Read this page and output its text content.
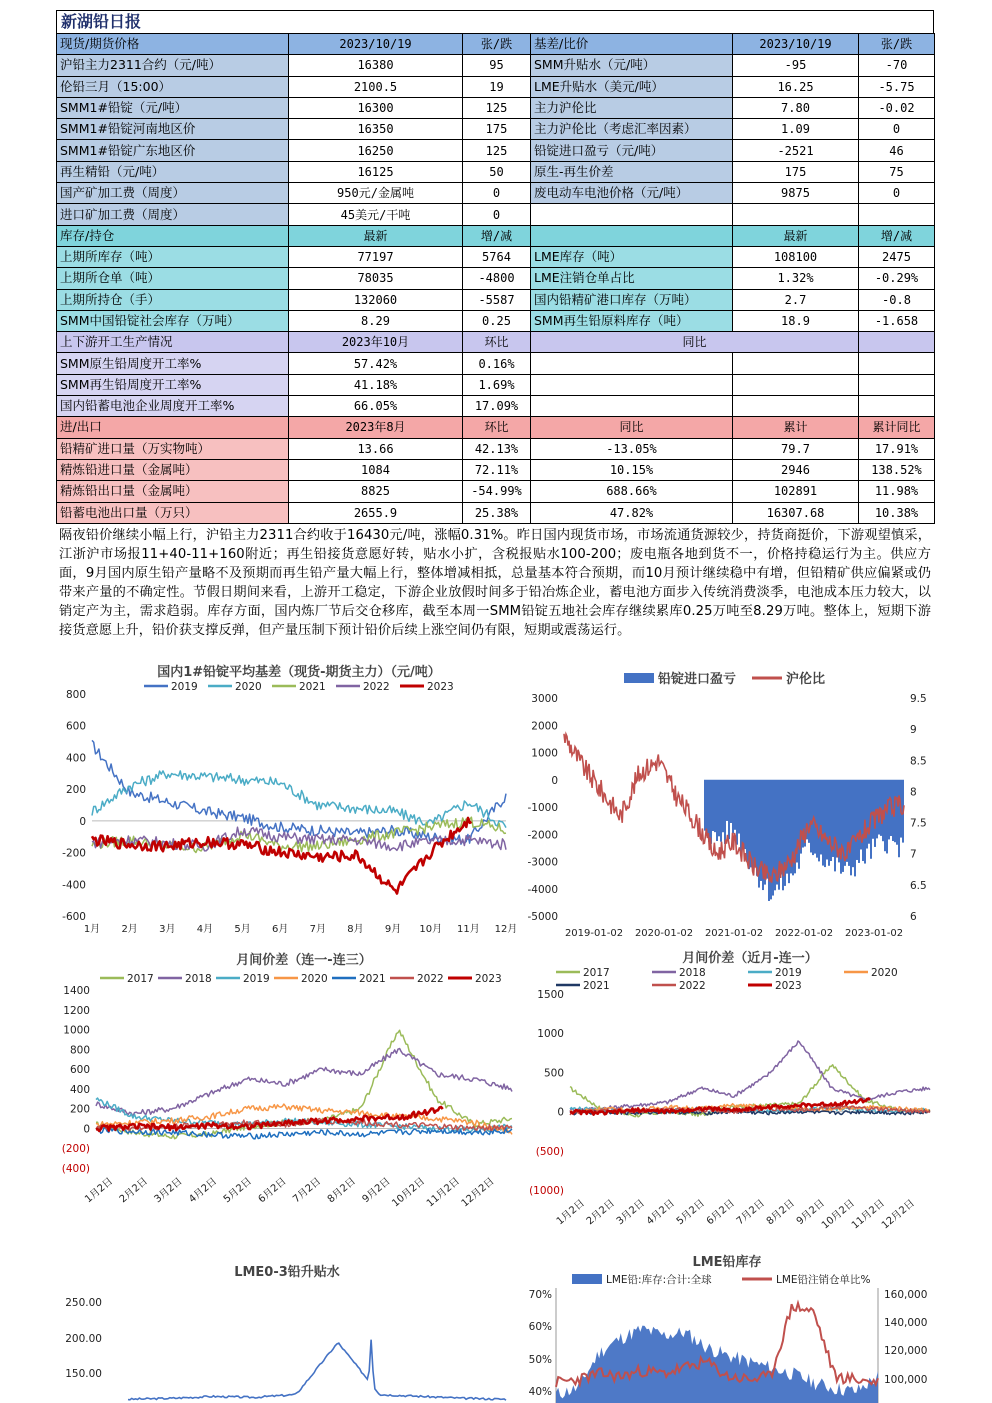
新湖铅日报
现货/期货价格	2023/10/19	张/跌	基差/比价	2023/10/19	张/跌
沪铅主力2311合约（元/吨）	16380	95	SMM升贴水（元/吨）	-95	-70
伦铅三月（15:00）	2100.5	19	LME升贴水（美元/吨）	16.25	-5.75
SMM1#铅锭（元/吨）	16300	125	主力沪伦比	7.80	-0.02
SMM1#铅锭河南地区价	16350	175	主力沪伦比（考虑汇率因素）	1.09	0
SMM1#铅锭广东地区价	16250	125	铅锭进口盈亏（元/吨）	-2521	46
再生精铅（元/吨）	16125	50	原生-再生价差	175	75
国产矿加工费（周度）	950元/金属吨	0	废电动车电池价格（元/吨）	9875	0
进口矿加工费（周度）	45美元/干吨	0			
库存/持仓	最新	增/减		最新	增/减
上期所库存（吨）	77197	5764	LME库存（吨）	108100	2475
上期所仓单（吨）	78035	-4800	LME注销仓单占比	1.32%	-0.29%
上期所持仓（手）	132060	-5587	国内铅精矿港口库存（万吨）	2.7	-0.8
SMM中国铅锭社会库存（万吨）	8.29	0.25	SMM再生铅原料库存（吨）	18.9	-1.658
上下游开工生产情况	2023年10月	环比	同比		
SMM原生铅周度开工率%	57.42%	0.16%			
SMM再生铅周度开工率%	41.18%	1.69%			
国内铅蓄电池企业周度开工率%	66.05%	17.09%			
进/出口	2023年8月	环比	同比	累计	累计同比
铅精矿进口量（万实物吨）	13.66	42.13%	-13.05%	79.7	17.91%
精炼铅进口量（金属吨）	1084	72.11%	10.15%	2946	138.52%
精炼铅出口量（金属吨）	8825	-54.99%	688.66%	102891	11.98%
铅蓄电池出口量（万只）	2655.9	25.38%	47.82%	16307.68	10.38%
隔夜铅价继续小幅上行，沪铅主力2311合约收于16430元/吨，涨幅0.31%。昨日国内现货市场，市场流通货源较少，持货商挺价，下游观望慎采，江浙沪市场报11+40-11+160附近；再生铅接货意愿好转，贴水小扩，含税报贴水100-200；废电瓶各地到货不一，价格持稳运行为主。供应方面，9月国内原生铅产量略不及预期而再生铅产量大幅上行，整体增减相抵，总量基本符合预期，而10月预计继续稳中有增，但铅精矿供应偏紧或仍带来产量的不确定性。节假日期间来看，上游开工稳定，下游企业放假时间多于铅冶炼企业，蓄电池方面步入传统消费淡季，电池成本压力较大，以销定产为主，需求趋弱。库存方面，国内炼厂节后交仓移库，截至本周一SMM铅锭五地社会库存继续累库0.25万吨至8.29万吨。整体上，短期下游接货意愿上升，铅价获支撑反弹，但产量压制下预计铅价后续上涨空间仍有限，短期或震荡运行。
国内1#铅锭平均基差（现货-期货主力）（元/吨）
800
600
400
200
0
-200
-400
-600
1月 2月 3月 4月 5月 6月 7月 8月 9月 10月 11月 12月
2019	2020	2021	2022	2023	铅锭进口盈亏	沪伦比
3000
2000
1000
0
-1000
-2000
-3000
-4000
-5000
9.5
9
8.5
8
7.5
7
6.5
6
2019-01-02 2020-01-02 2021-01-02 2022-01-02 2023-01-02
月间价差（连一-连三）
1400
1200
1000
800
600
400
200
0
(200)
(400)
1月2日 2月2日 3月2日 4月2日 5月2日 6月2日 7月2日 8月2日 9月2日
10月2日
11月2日
12月2日
2017	2018	2019	2020	2021	2022	2023
月间价差（近月-连一）
1500
1000
500
0
(500)
(1000)
1月2日
2月2日
3月2日
4月2日
5月2日
6月2日
7月2日
8月2日
9月2日
10月2日
11月2日
12月2日
2017	2018	2019	2020
2021	2022	2023
LME0-3铅升贴水
250.00
200.00
150.00
LME铅库存
LME铅:库存:合计:全球	LME铅注销仓单比%
70%
60%
50%
40%
160,000
140,000
120,000
100,000
